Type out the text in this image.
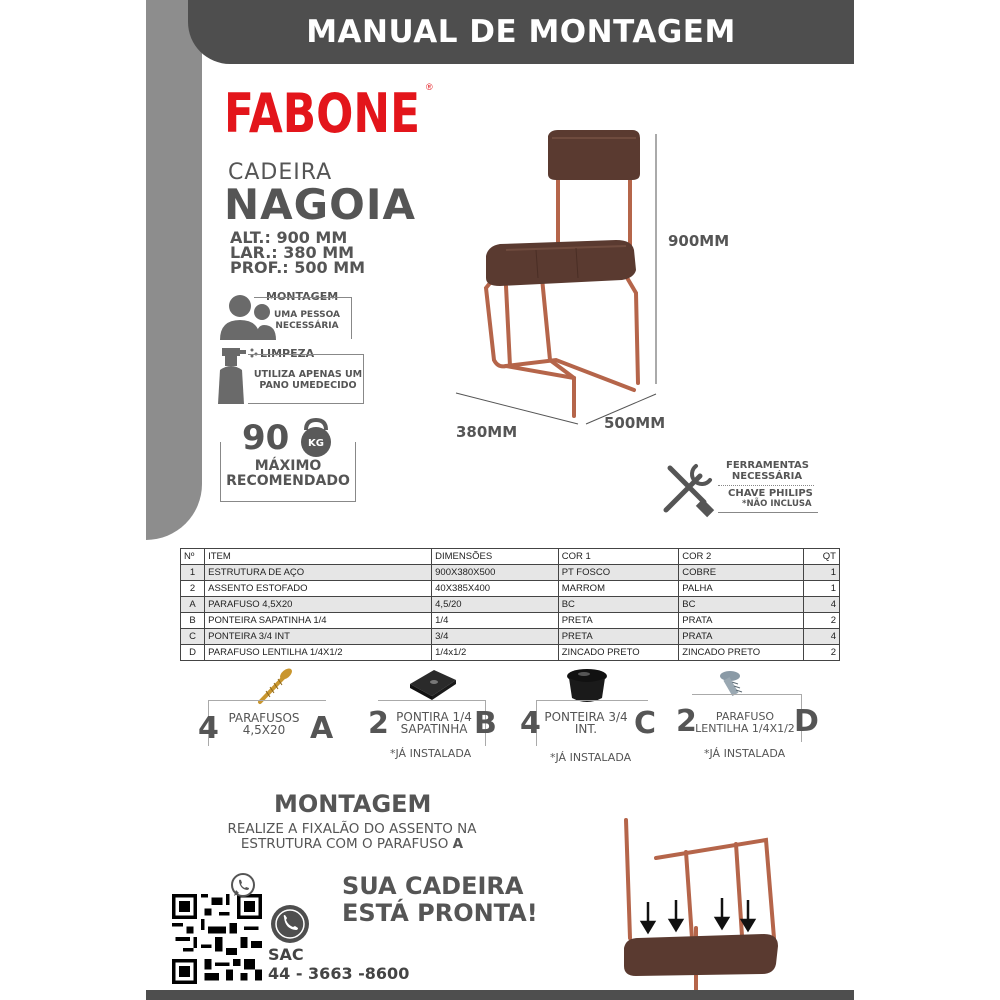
MANUAL DE MONTAGEM
FABONE ®
CADEIRA
NAGOIA
ALT.: 900 MM
LAR.: 380 MM
PROF.: 500 MM
MONTAGEM
UMA PESSOA
NECESSÁRIA
LIMPEZA
UTILIZA APENAS UM
PANO UMEDECIDO
90 KG
MÁXIMO
RECOMENDADO
900MM
380MM	500MM
FERRAMENTAS
NECESSÁRIA
CHAVE PHILIPS
*NÃO INCLUSA
Nº	ITEM	DIMENSÕES	COR 1	COR 2	QT
1	ESTRUTURA DE AÇO	900X380X500	PT FOSCO	COBRE	1
2	ASSENTO ESTOFADO	40X385X400	MARROM	PALHA	1
A	PARAFUSO 4,5X20	4,5/20	BC	BC	4
B	PONTEIRA SAPATINHA 1/4	1/4	PRETA	PRATA	2
C	PONTEIRA 3/4 INT	3/4	PRETA	PRATA	4
D	PARAFUSO LENTILHA 1/4X1/2	1/4x1/2	ZINCADO PRETO	ZINCADO PRETO	2
4 PARAFUSOS
4,5X20 A 2 PONTIRA 1/4
SAPATINHA B
*JÁ INSTALADA
4 PONTEIRA 3/4
INT.	C
*JÁ INSTALADA
2	PARAFUSO
LENTILHA 1/4X1/2 D
*JÁ INSTALADA
MONTAGEM
REALIZE A FIXALÃO DO ASSENTO NA
ESTRUTURA COM O PARAFUSO A
SUA CADEIRA
ESTÁ PRONTA!
SAC
44 - 3663 -8600
